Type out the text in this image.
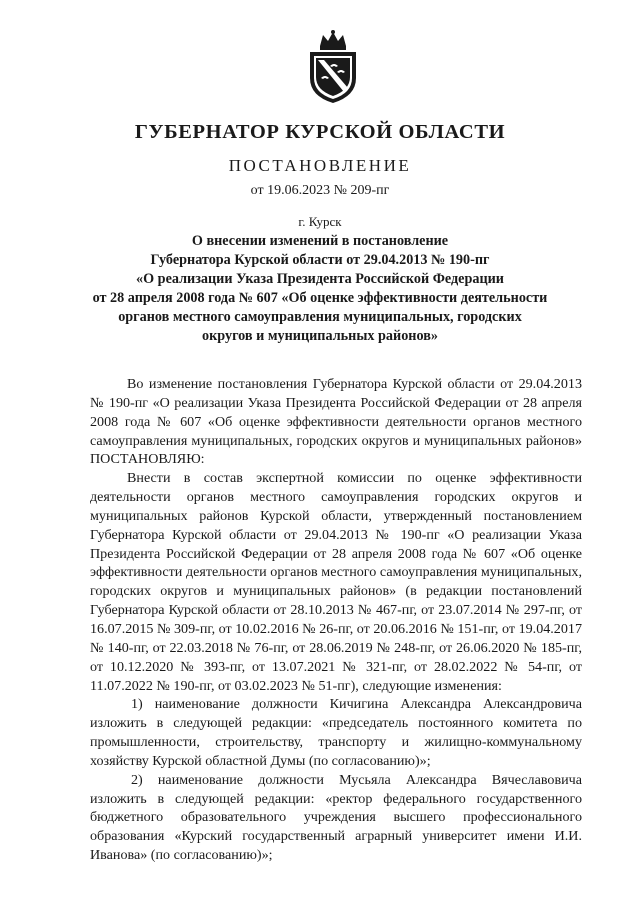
ГУБЕРНАТОР КУРСКОЙ ОБЛАСТИ
ПОСТАНОВЛЕНИЕ
от 19.06.2023 № 209-пг
г. Курск
О внесении изменений в постановление
Губернатора Курской области от 29.04.2013 № 190-пг
«О реализации Указа Президента Российской Федерации
от 28 апреля 2008 года № 607 «Об оценке эффективности деятельности
органов местного самоуправления муниципальных, городских
округов и муниципальных районов»

Во изменение постановления Губернатора Курской области от 29.04.2013 № 190-пг «О реализации Указа Президента Российской Федерации от 28 апреля 2008 года № 607 «Об оценке эффективности деятельности органов местного самоуправления муниципальных, городских округов и муниципальных районов» ПОСТАНОВЛЯЮ:

Внести в состав экспертной комиссии по оценке эффективности деятельности органов местного самоуправления городских округов и муниципальных районов Курской области, утвержденный постановлением Губернатора Курской области от 29.04.2013 № 190-пг «О реализации Указа Президента Российской Федерации от 28 апреля 2008 года № 607 «Об оценке эффективности деятельности органов местного самоуправления муниципальных, городских округов и муниципальных районов» (в редакции постановлений Губернатора Курской области от 28.10.2013 № 467-пг, от 23.07.2014 № 297-пг, от 16.07.2015 № 309-пг, от 10.02.2016 № 26-пг, от 20.06.2016 № 151-пг, от 19.04.2017 № 140-пг, от 22.03.2018 № 76-пг, от 28.06.2019 № 248-пг, от 26.06.2020 № 185-пг, от 10.12.2020 № 393-пг, от 13.07.2021 № 321-пг, от 28.02.2022 № 54-пг, от 11.07.2022 № 190-пг, от 03.02.2023 № 51-пг), следующие изменения:

1) наименование должности Кичигина Александра Александровича изложить в следующей редакции: «председатель постоянного комитета по промышленности, строительству, транспорту и жилищно-коммунальному хозяйству Курской областной Думы (по согласованию)»;

2) наименование должности Мусьяла Александра Вячеславовича изложить в следующей редакции: «ректор федерального государственного бюджетного образовательного учреждения высшего профессионального образования «Курский государственный аграрный университет имени И.И. Иванова» (по согласованию)»;
